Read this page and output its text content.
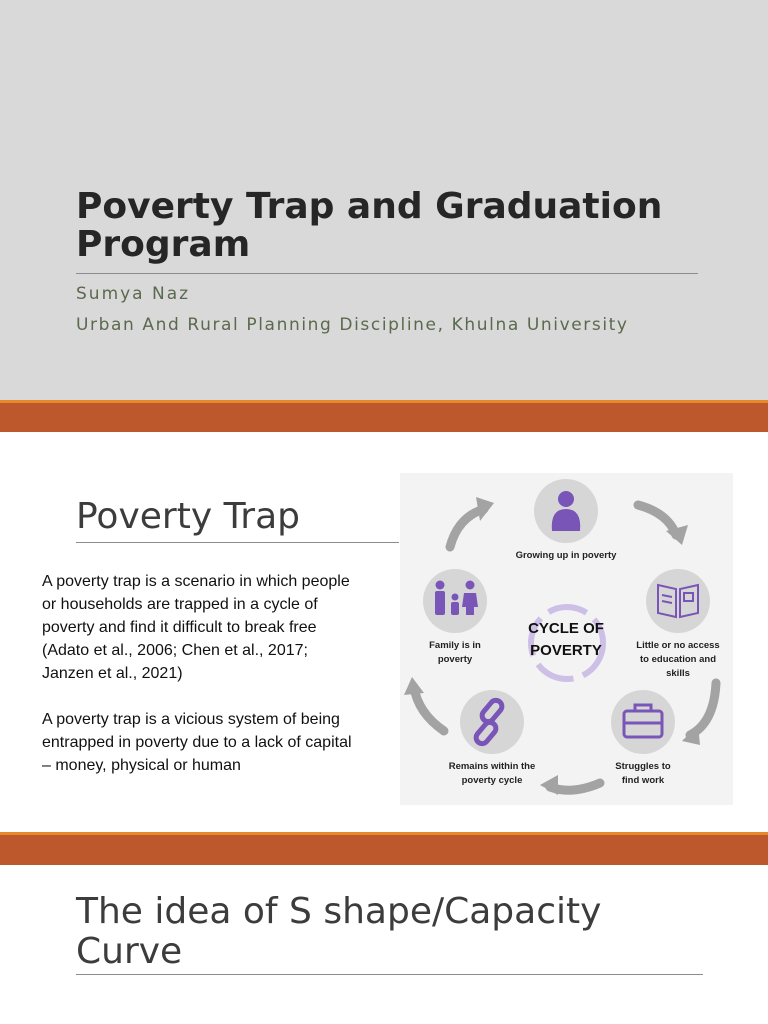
Poverty Trap and Graduation
Program
Sumya Naz
Urban And Rural Planning Discipline, Khulna University
Poverty Trap

A poverty trap is a scenario in which people or households are trapped in a cycle of poverty and find it difficult to break free (Adato et al., 2006; Chen et al., 2017; Janzen et al., 2021)

A poverty trap is a vicious system of being entrapped in poverty due to a lack of capital – money, physical or human

CYCLE OF
POVERTY
Growing up in poverty
Little or no access
to education and
skills
Struggles to
find work
Remains within the
poverty cycle
Family is in
poverty
The idea of S shape/Capacity
Curve
